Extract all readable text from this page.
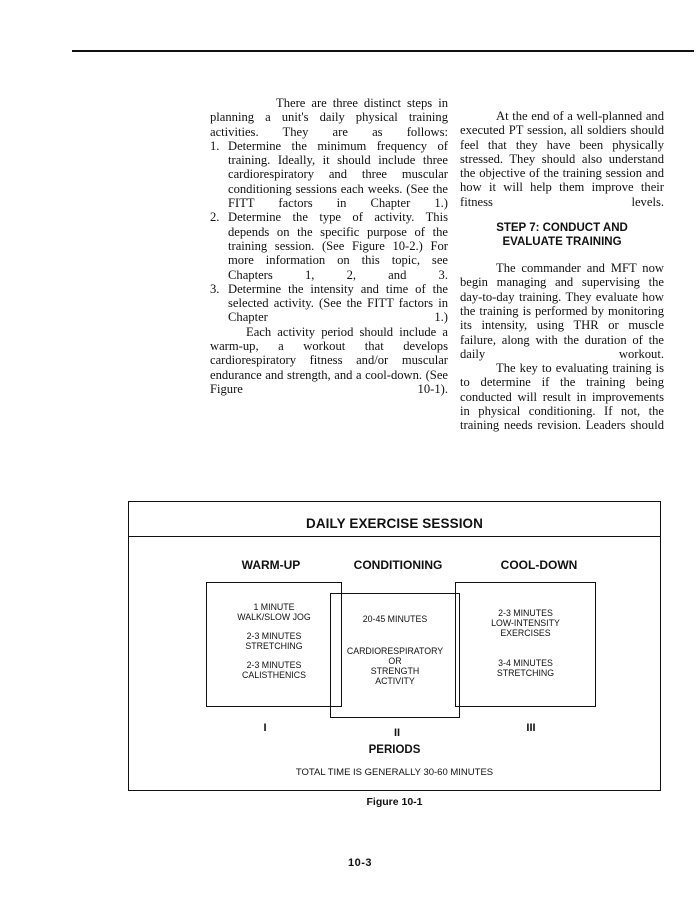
There are three distinct steps in planning a unit's daily physical training activities. They are as follows:

1. Determine the minimum frequency of training. Ideally, it should include three cardiorespiratory and three muscular conditioning sessions each weeks. (See the FITT factors in Chapter 1.)
2. Determine the type of activity. This depends on the specific purpose of the training session. (See Figure 10-2.) For more information on this topic, see Chapters 1, 2, and 3.
3. Determine the intensity and time of the selected activity. (See the FITT factors in Chapter 1.)

Each activity period should include a warm-up, a workout that develops cardiorespiratory fitness and/or muscular endurance and strength, and a cool-down. (See Figure 10-1).

At the end of a well-planned and executed PT session, all soldiers should feel that they have been physically stressed. They should also understand the objective of the training session and how it will help them improve their fitness levels.

STEP 7: CONDUCT AND
EVALUATE TRAINING

The commander and MFT now begin managing and supervising the day-to-day training. They evaluate how the training is performed by monitoring its intensity, using THR or muscle failure, along with the duration of the daily workout.

The key to evaluating training is to determine if the training being conducted will result in improvements in physical conditioning. If not, the training needs revision. Leaders should

DAILY EXERCISE SESSION
WARM-UP	CONDITIONING	COOL-DOWN
1 MINUTE
WALK/SLOW JOG
2-3 MINUTES
STRETCHING
2-3 MINUTES
CALISTHENICS
20-45 MINUTES
CARDIORESPIRATORY
OR
STRENGTH
ACTIVITY
2-3 MINUTES
LOW-INTENSITY
EXERCISES
3-4 MINUTES
STRETCHING
I	II	III
PERIODS
TOTAL TIME IS GENERALLY 30-60 MINUTES
Figure 10-1
10-3
